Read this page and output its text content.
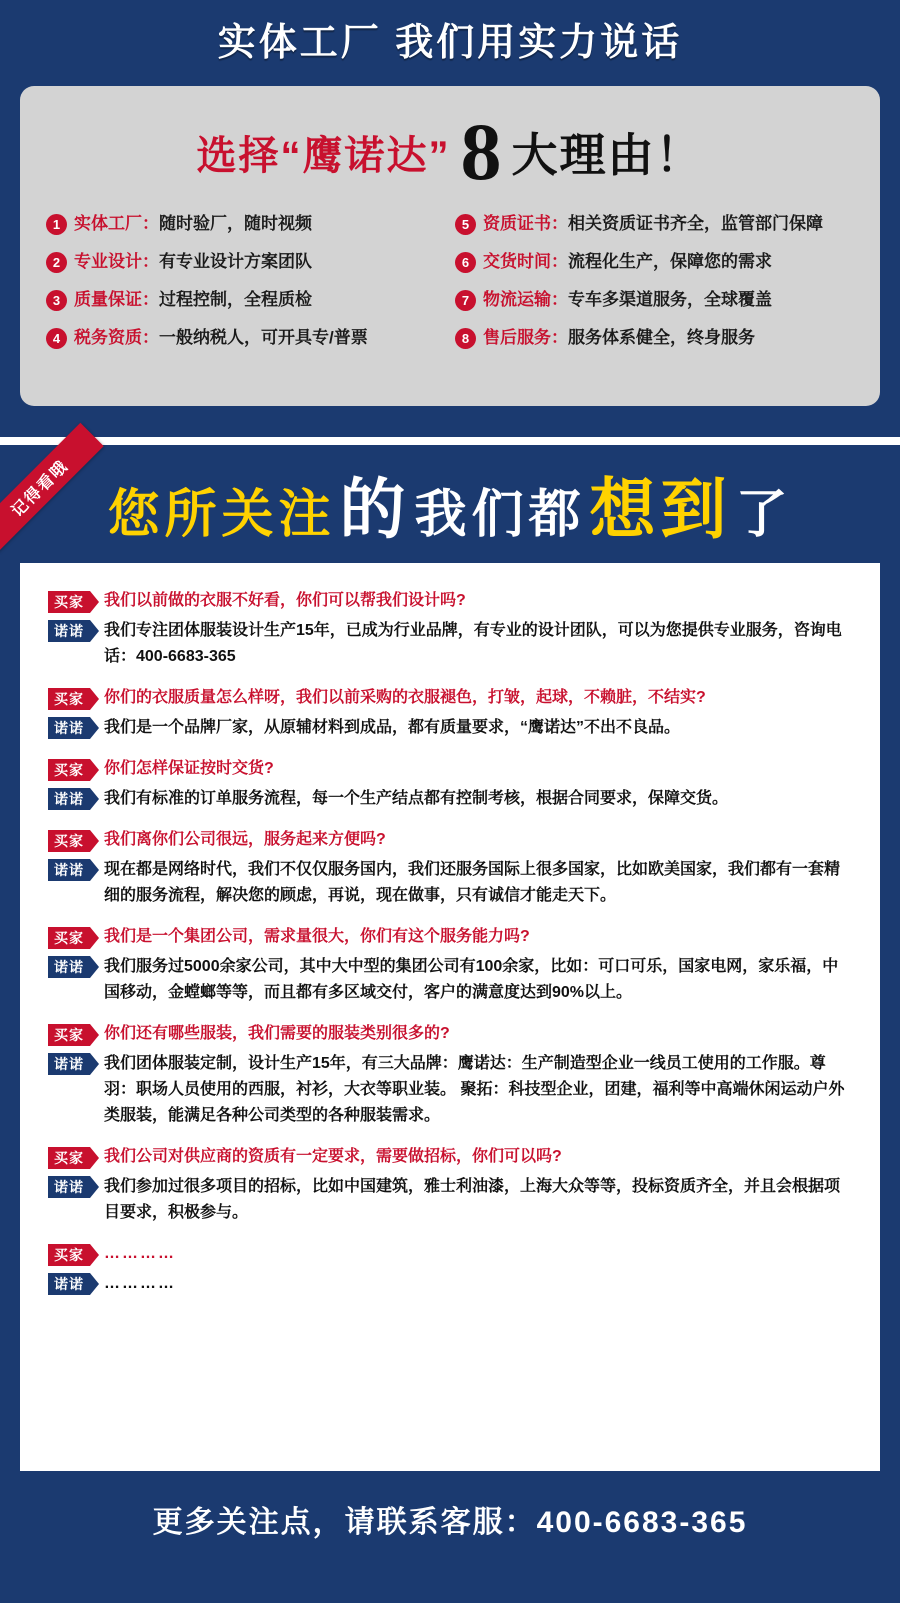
实体工厂 我们用实力说话
选择“鹰诺达” 8 大理由！
1 实体工厂：随时验厂，随时视频	5 资质证书：相关资质证书齐全，监管部门保障
2 专业设计：有专业设计方案团队	6 交货时间：流程化生产，保障您的需求
3 质量保证：过程控制，全程质检	7 物流运输：专车多渠道服务，全球覆盖
4 税务资质：一般纳税人，可开具专/普票	8 售后服务：服务体系健全，终身服务
记得看哦 您所关注 的 我们都 想到 了
买家	我们以前做的衣服不好看，你们可以帮我们设计吗?
诺诺	我们专注团体服装设计生产15年，已成为行业品牌，有专业的设计团队，可以为您提供专业服务，咨询电话：400-6683-365
买家	你们的衣服质量怎么样呀，我们以前采购的衣服褪色，打皱，起球，不赖脏，不结实?
诺诺	我们是一个品牌厂家，从原辅材料到成品，都有质量要求，“鹰诺达”不出不良品。
买家	你们怎样保证按时交货?
诺诺	我们有标准的订单服务流程，每一个生产结点都有控制考核，根据合同要求，保障交货。
买家	我们离你们公司很远，服务起来方便吗?
诺诺	现在都是网络时代，我们不仅仅服务国内，我们还服务国际上很多国家，比如欧美国家，我们都有一套精细的服务流程，解决您的顾虑，再说，现在做事，只有诚信才能走天下。
买家	我们是一个集团公司，需求量很大，你们有这个服务能力吗?
诺诺	我们服务过5000余家公司，其中大中型的集团公司有100余家，比如：可口可乐，国家电网，家乐福，中国移动，金螳螂等等，而且都有多区域交付，客户的满意度达到90%以上。
买家	你们还有哪些服装，我们需要的服装类别很多的?
诺诺	我们团体服装定制，设计生产15年，有三大品牌：鹰诺达：生产制造型企业一线员工使用的工作服。尊羽：职场人员使用的西服，衬衫，大衣等职业装。 聚拓：科技型企业，团建，福利等中高端休闲运动户外类服装，能满足各种公司类型的各种服装需求。
买家	我们公司对供应商的资质有一定要求，需要做招标，你们可以吗?
诺诺	我们参加过很多项目的招标，比如中国建筑，雅士利油漆，上海大众等等，投标资质齐全，并且会根据项目要求，积极参与。
买家	…………
诺诺	…………
更多关注点，请联系客服：400-6683-365
